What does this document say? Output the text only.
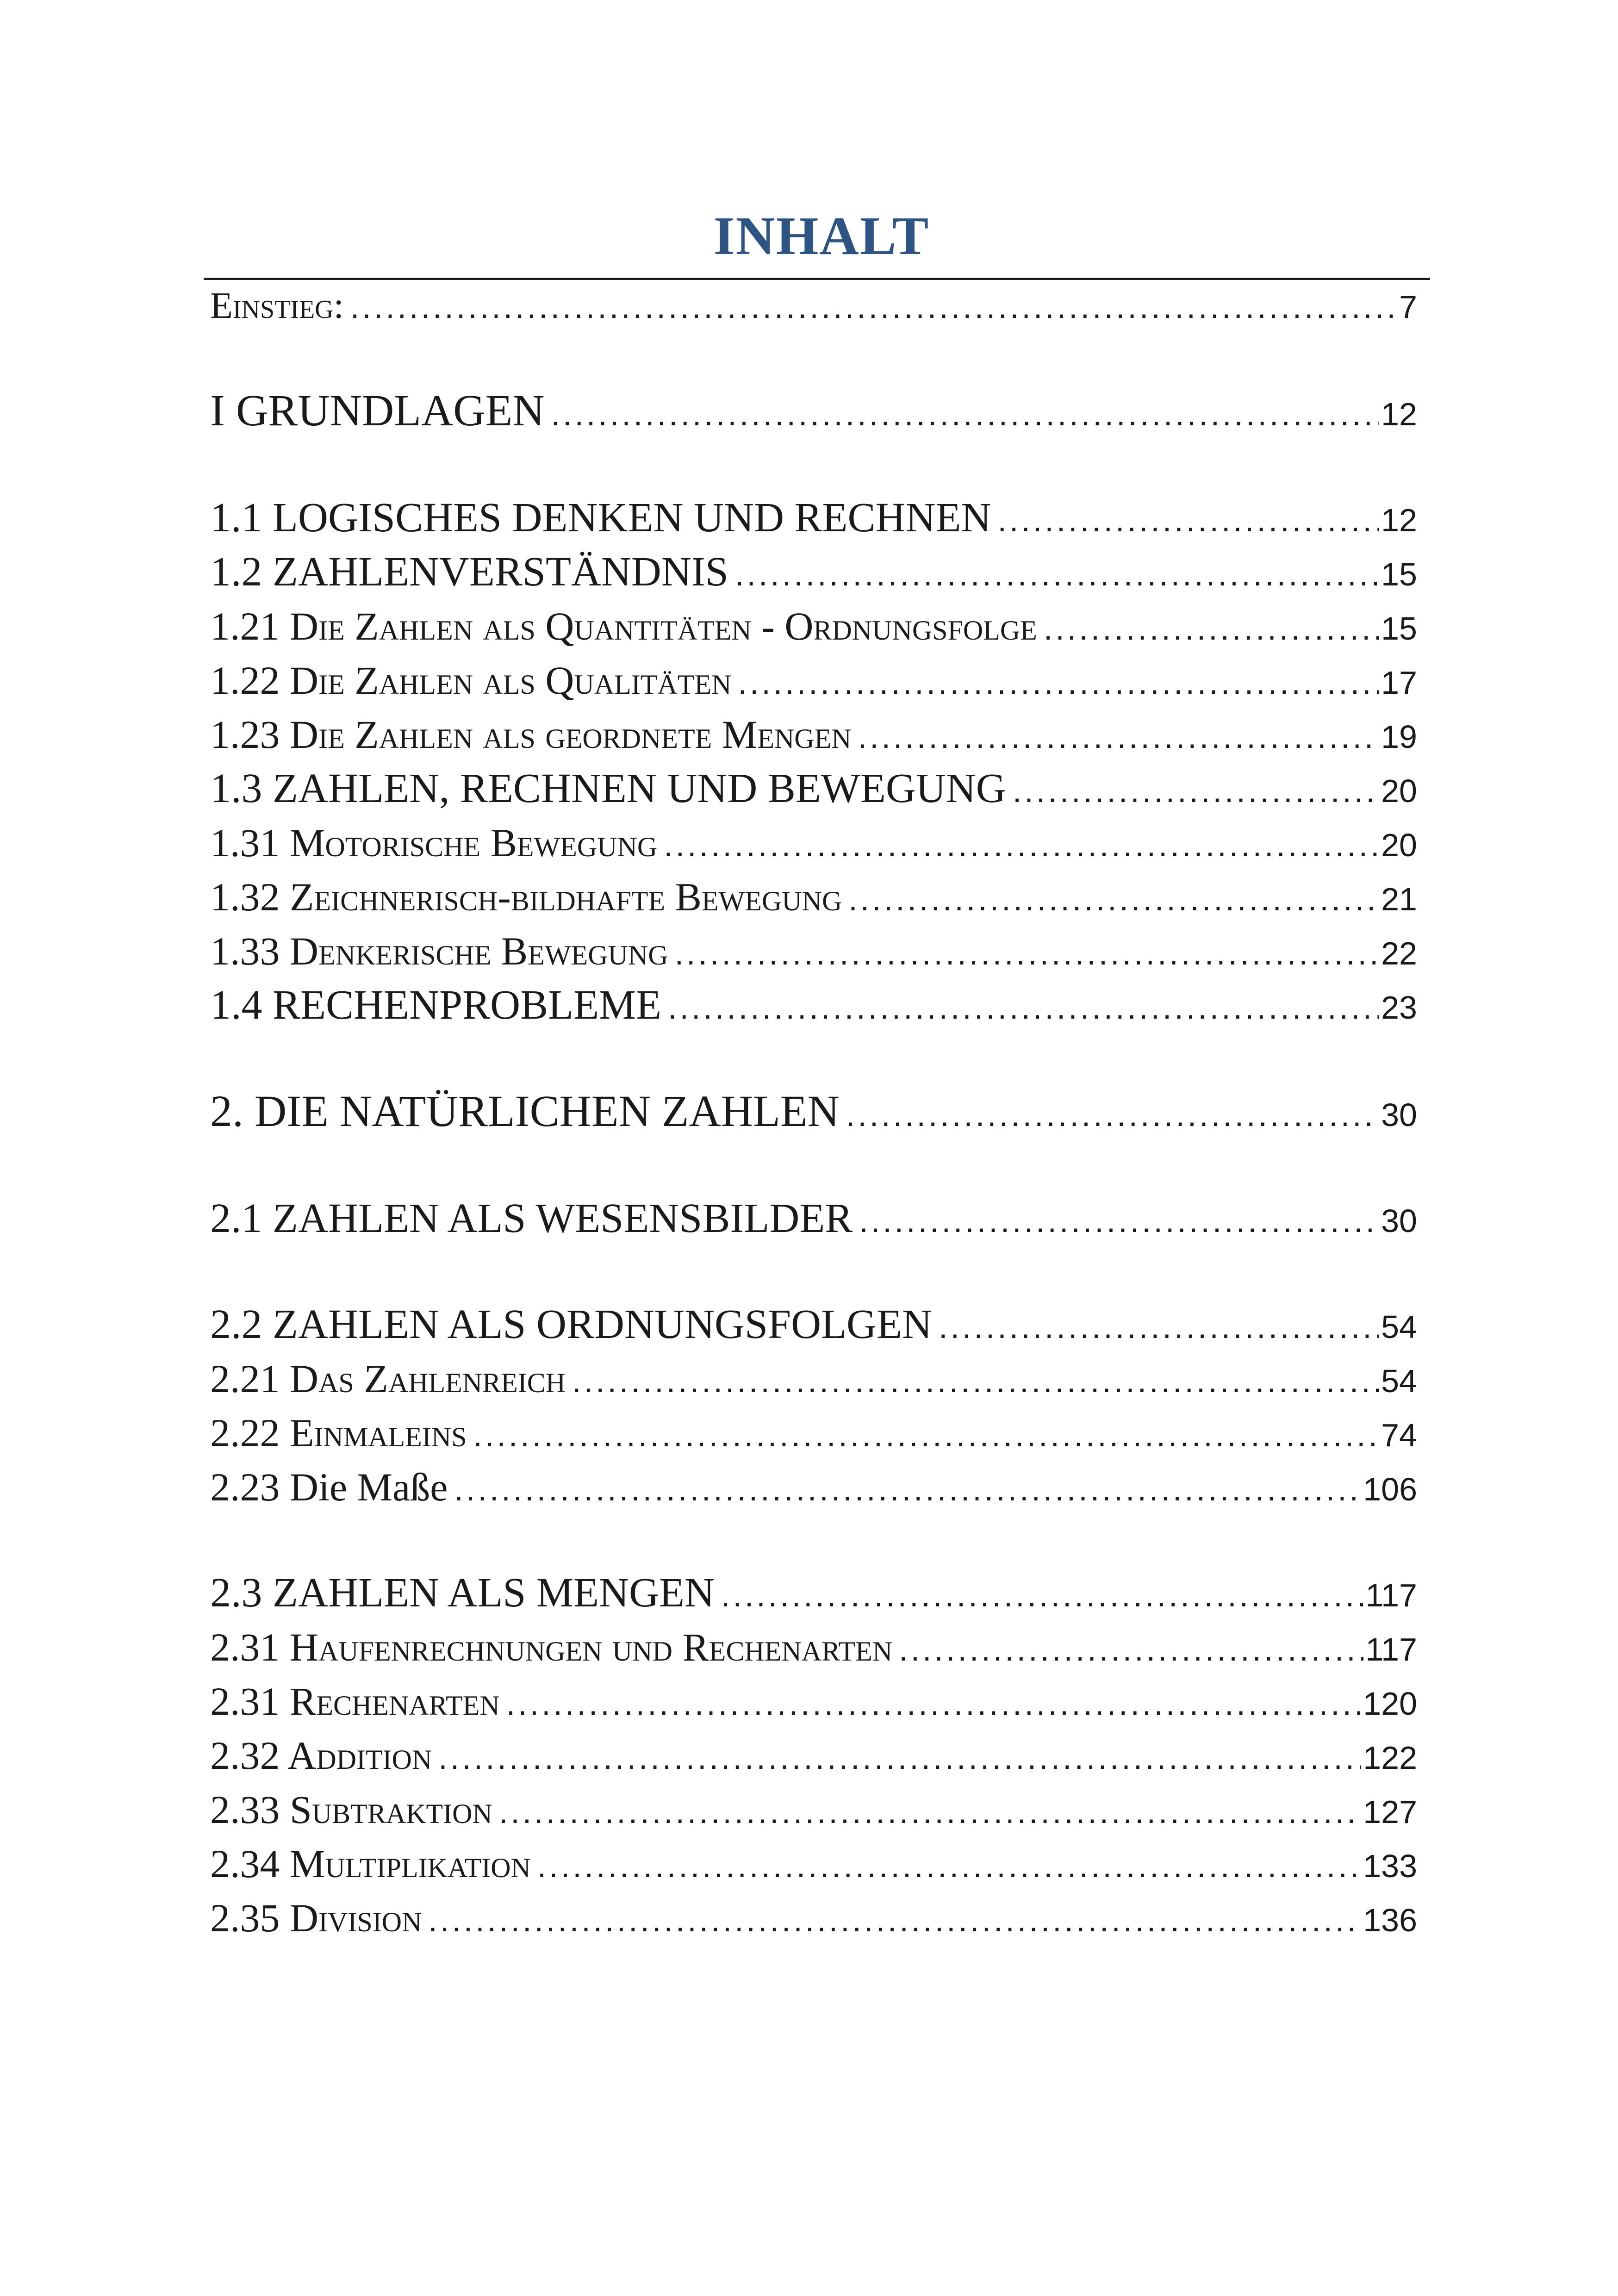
INHALT
Einstieg: .....	7
I GRUNDLAGEN .....	12
1.1 LOGISCHES DENKEN UND RECHNEN .....	12
1.2 ZAHLENVERSTÄNDNIS .....	15
1.21 Die Zahlen als Quantitäten - Ordnungsfolge .....	15
1.22 Die Zahlen als Qualitäten .....	17
1.23 Die Zahlen als geordnete Mengen .....	19
1.3 ZAHLEN, RECHNEN UND BEWEGUNG .....	20
1.31 Motorische Bewegung .....	20
1.32 Zeichnerisch-bildhafte Bewegung .....	21
1.33 Denkerische Bewegung .....	22
1.4 RECHENPROBLEME .....	23
2. DIE NATÜRLICHEN ZAHLEN .....	30
2.1 ZAHLEN ALS WESENSBILDER .....	30
2.2 ZAHLEN ALS ORDNUNGSFOLGEN .....	54
2.21 Das Zahlenreich .....	54
2.22 Einmaleins .....	74
2.23 Die Maße .....	106
2.3 ZAHLEN ALS MENGEN .....	117
2.31 Haufenrechnungen und Rechenarten .....	117
2.31 Rechenarten .....	120
2.32 Addition .....	122
2.33 Subtraktion .....	127
2.34 Multiplikation .....	133
2.35 Division .....	136
